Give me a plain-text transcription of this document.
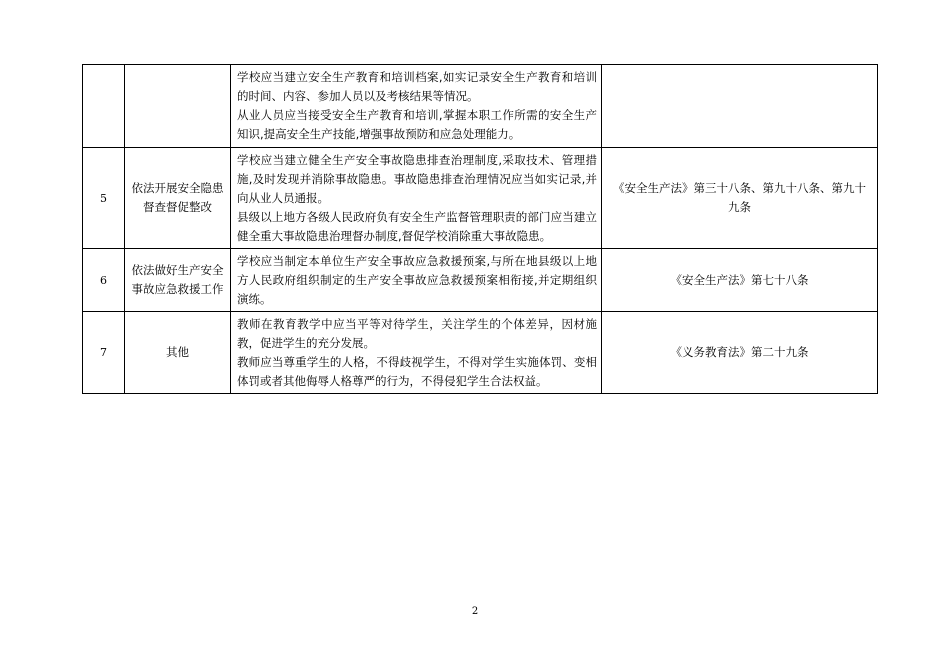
		学校应当建立安全生产教育和培训档案,如实记录安全生产教育和培训的时间、内容、参加人员以及考核结果等情况。

从业人员应当接受安全生产教育和培训,掌握本职工作所需的安全生产知识,提高安全生产技能,增强事故预防和应急处理能力。	

5	依法开展安全隐患督查督促整改	学校应当建立健全生产安全事故隐患排查治理制度,采取技术、管理措施,及时发现并消除事故隐患。事故隐患排查治理情况应当如实记录,并向从业人员通报。

县级以上地方各级人民政府负有安全生产监督管理职责的部门应当建立健全重大事故隐患治理督办制度,督促学校消除重大事故隐患。	《安全生产法》第三十八条、第九十八条、第九十九条
6	依法做好生产安全事故应急救援工作	学校应当制定本单位生产安全事故应急救援预案,与所在地县级以上地方人民政府组织制定的生产安全事故应急救援预案相衔接,并定期组织演练。	《安全生产法》第七十八条
7	其他	教师在教育教学中应当平等对待学生，关注学生的个体差异，因材施教，促进学生的充分发展。

教师应当尊重学生的人格，不得歧视学生，不得对学生实施体罚、变相体罚或者其他侮辱人格尊严的行为，不得侵犯学生合法权益。	《义务教育法》第二十九条
2
